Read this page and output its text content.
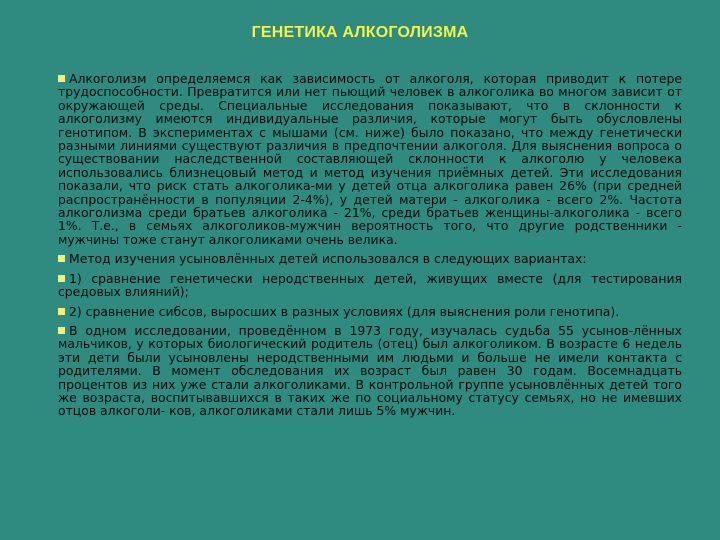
ГЕНЕТИКА АЛКОГОЛИЗМА

Алкоголизм определяемся как зависимость от алкоголя, которая приводит к потере трудоспособности. Превратится или нет пьющий человек в алкоголика во многом зависит от окружающей среды. Специальные исследования показывают, что в склонности к алкоголизму имеются индивидуальные различия, которые могут быть обусловлены генотипом. В экспериментах с мышами (см. ниже) было показано, что между генетически разными линиями существуют различия в предпочтении алкоголя. Для выяснения вопроса о существовании наследственной составляющей склонности к алкоголю у человека использовались близнецовый метод и метод изучения приёмных детей. Эти исследования показали, что риск стать алкоголика-ми у детей отца алкоголика равен 26% (при средней распространённости в популяции 2-4%), у детей матери - алкоголика - всего 2%. Частота алкоголизма среди братьев алкоголика - 21%, среди братьев женщины-алкоголика - всего 1%. Т.е., в семьях алкоголиков-мужчин вероятность того, что другие родственники - мужчины тоже станут алкоголиками очень велика.

Метод изучения усыновлённых детей использовался в следующих вариантах:

1) сравнение генетически неродственных детей, живущих вместе (для тестирования средовых влияний);

2) сравнение сибсов, выросших в разных условиях (для выяснения роли генотипа).

В одном исследовании, проведённом в 1973 году, изучалась судьба 55 усынов-лённых мальчиков, у которых биологический родитель (отец) был алкоголиком. В возрасте 6 недель эти дети были усыновлены неродственными им людьми и больше не имели контакта с родителями. В момент обследования их возраст был равен 30 годам. Восемнадцать процентов из них уже стали алкоголиками. В контрольной группе усыновлённых детей того же возраста, воспитывавшихся в таких же по социальному статусу семьях, но не имевших отцов алкоголи- ков, алкоголиками стали лишь 5% мужчин.
